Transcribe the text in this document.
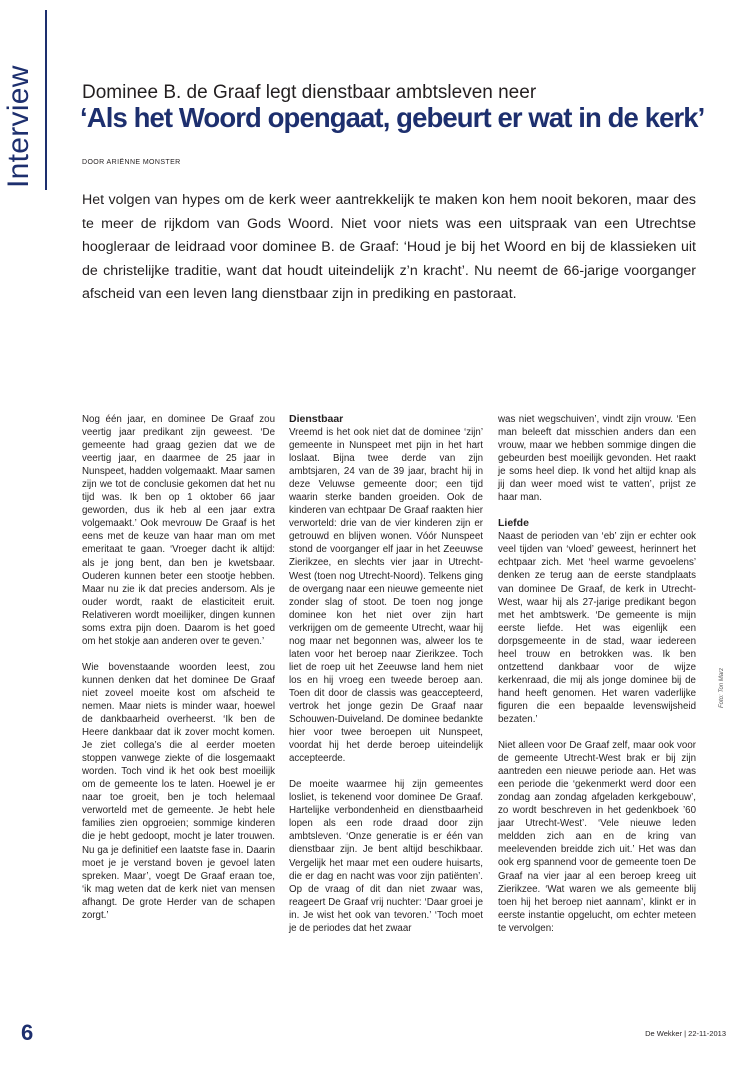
Interview Dominee B. de Graaf legt dienstbaar ambtsleven neer
‘Als het Woord opengaat, gebeurt er wat in de kerk’
DOOR ARIËNNE MONSTER

Het volgen van hypes om de kerk weer aantrekkelijk te maken kon hem nooit bekoren, maar des te meer de rijkdom van Gods Woord. Niet voor niets was een uitspraak van een Utrechtse hoogleraar de leidraad voor dominee B. de Graaf: ‘Houd je bij het Woord en bij de klassieken uit de christelijke traditie, want dat houdt uiteindelijk z’n kracht’. Nu neemt de 66-jarige voorganger afscheid van een leven lang dienstbaar zijn in prediking en pastoraat.

Nog één jaar, en dominee De Graaf zou veertig jaar predikant zijn geweest. ‘De gemeente had graag gezien dat we de veertig jaar, en daarmee de 25 jaar in Nunspeet, hadden volgemaakt. Maar samen zijn we tot de conclusie gekomen dat het nu tijd was. Ik ben op 1 oktober 66 jaar geworden, dus ik heb al een jaar extra volgemaakt.’ Ook mevrouw De Graaf is het eens met de keuze van haar man om met emeritaat te gaan. ‘Vroeger dacht ik altijd: als je jong bent, dan ben je kwetsbaar. Ouderen kunnen beter een stootje hebben. Maar nu zie ik dat precies andersom. Als je ouder wordt, raakt de elasticiteit eruit. Relativeren wordt moeilijker, dingen kunnen soms extra pijn doen. Daarom is het goed om het stokje aan anderen over te geven.’

Wie bovenstaande woorden leest, zou kunnen denken dat het dominee De Graaf niet zoveel moeite kost om afscheid te nemen. Maar niets is minder waar, hoewel de dankbaarheid overheerst. ‘Ik ben de Heere dankbaar dat ik zover mocht komen. Je ziet collega’s die al eerder moeten stoppen vanwege ziekte of die losgemaakt worden. Toch vind ik het ook best moeilijk om de gemeente los te laten. Hoewel je er naar toe groeit, ben je toch helemaal verworteld met de gemeente. Je hebt hele families zien opgroeien; sommige kinderen die je hebt gedoopt, mocht je later trouwen. Nu ga je definitief een laatste fase in. Daarin moet je je verstand boven je gevoel laten spreken. Maar’, voegt De Graaf eraan toe, ‘ik mag weten dat de kerk niet van mensen afhangt. De grote Herder van de schapen zorgt.’

Dienstbaar

Vreemd is het ook niet dat de dominee ‘zijn’ gemeente in Nunspeet met pijn in het hart loslaat. Bijna twee derde van zijn ambtsjaren, 24 van de 39 jaar, bracht hij in deze Veluwse gemeente door; een tijd waarin sterke banden groeiden. Ook de kinderen van echtpaar De Graaf raakten hier verworteld: drie van de vier kinderen zijn er getrouwd en blijven wonen. Vóór Nunspeet stond de voorganger elf jaar in het Zeeuwse Zierikzee, en slechts vier jaar in Utrecht-West (toen nog Utrecht-Noord). Telkens ging de overgang naar een nieuwe gemeente niet zonder slag of stoot. De toen nog jonge dominee kon het niet over zijn hart verkrijgen om de gemeente Utrecht, waar hij nog maar net begonnen was, alweer los te laten voor het beroep naar Zierikzee. Toch liet de roep uit het Zeeuwse land hem niet los en hij vroeg een tweede beroep aan. Toen dit door de classis was geaccepteerd, vertrok het jonge gezin De Graaf naar Schouwen-Duiveland. De dominee bedankte hier voor twee beroepen uit Nunspeet, voordat hij het derde beroep uiteindelijk accepteerde.

De moeite waarmee hij zijn gemeentes losliet, is tekenend voor dominee De Graaf. Hartelijke verbondenheid en dienstbaarheid lopen als een rode draad door zijn ambtsleven. ‘Onze generatie is er één van dienstbaar zijn. Je bent altijd beschikbaar. Vergelijk het maar met een oudere huisarts, die er dag en nacht was voor zijn patiënten’. Op de vraag of dit dan niet zwaar was, reageert De Graaf vrij nuchter: ‘Daar groei je in. Je wist het ook van tevoren.’ ‘Toch moet je de periodes dat het zwaar

was niet wegschuiven’, vindt zijn vrouw. ‘Een man beleeft dat misschien anders dan een vrouw, maar we hebben sommige dingen die gebeurden best moeilijk gevonden. Het raakt je soms heel diep. Ik vond het altijd knap als jij dan weer moed wist te vatten’, prijst ze haar man.

Liefde

Naast de perioden van ‘eb’ zijn er echter ook veel tijden van ‘vloed’ geweest, herinnert het echtpaar zich. Met ‘heel warme gevoelens’ denken ze terug aan de eerste standplaats van dominee De Graaf, de kerk in Utrecht-West, waar hij als 27-jarige predikant begon met het ambtswerk. ‘De gemeente is mijn eerste liefde. Het was eigenlijk een dorpsgemeente in de stad, waar iedereen heel trouw en betrokken was. Ik ben ontzettend dankbaar voor de wijze kerkenraad, die mij als jonge dominee bij de hand heeft genomen. Het waren vaderlijke figuren die een bepaalde levenswijsheid bezaten.’

Niet alleen voor De Graaf zelf, maar ook voor de gemeente Utrecht-West brak er bij zijn aantreden een nieuwe periode aan. Het was een periode die ‘gekenmerkt werd door een zondag aan zondag afgeladen kerkgebouw’, zo wordt beschreven in het gedenkboek ’60 jaar Utrecht-West’. ‘Vele nieuwe leden meldden zich aan en de kring van meelevenden breidde zich uit.’ Het was dan ook erg spannend voor de gemeente toen De Graaf na vier jaar al een beroep kreeg uit Zierikzee. ‘Wat waren we als gemeente blij toen hij het beroep niet aannam’, klinkt er in eerste instantie opgelucht, om echter meteen te vervolgen:

Foto: Ton Marz
6	De Wekker | 22-11-2013
